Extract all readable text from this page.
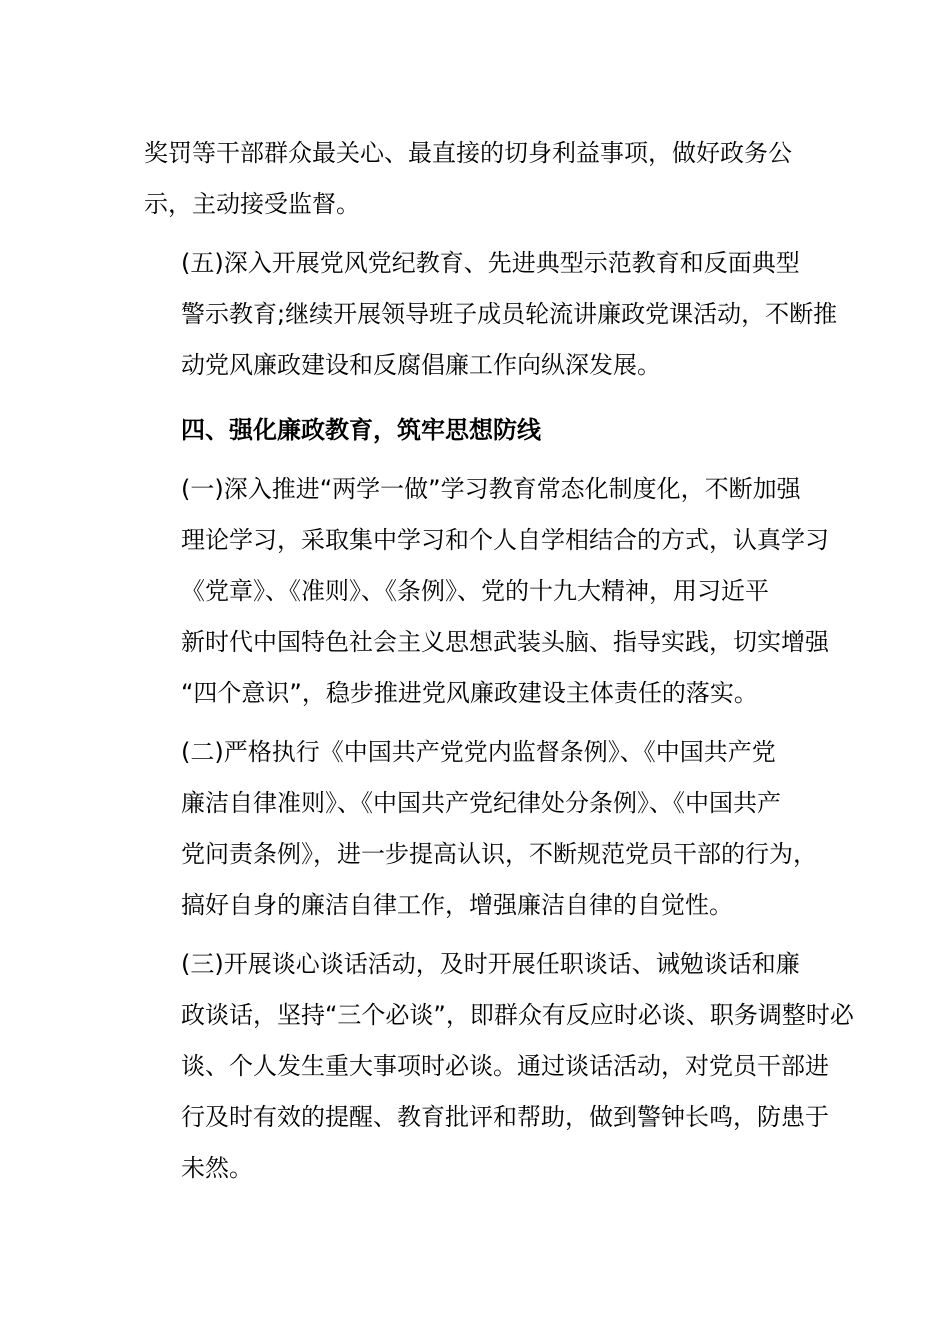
奖罚等干部群众最关心、最直接的切身利益事项，做好政务公
示，主动接受监督。

(五)深入开展党风党纪教育、先进典型示范教育和反面典型
警示教育;继续开展领导班子成员轮流讲廉政党课活动，不断推
动党风廉政建设和反腐倡廉工作向纵深发展。

四、强化廉政教育，筑牢思想防线

(一)深入推进“两学一做”学习教育常态化制度化，不断加强
理论学习，采取集中学习和个人自学相结合的方式，认真学习
《党章》、《准则》、《条例》、党的十九大精神，用习近平
新时代中国特色社会主义思想武装头脑、指导实践，切实增强
“四个意识”，稳步推进党风廉政建设主体责任的落实。

(二)严格执行《中国共产党党内监督条例》、《中国共产党
廉洁自律准则》、《中国共产党纪律处分条例》、《中国共产
党问责条例》，进一步提高认识，不断规范党员干部的行为，
搞好自身的廉洁自律工作，增强廉洁自律的自觉性。

(三)开展谈心谈话活动，及时开展任职谈话、诫勉谈话和廉
政谈话，坚持“三个必谈”，即群众有反应时必谈、职务调整时必
谈、个人发生重大事项时必谈。通过谈话活动，对党员干部进
行及时有效的提醒、教育批评和帮助，做到警钟长鸣，防患于
未然。
